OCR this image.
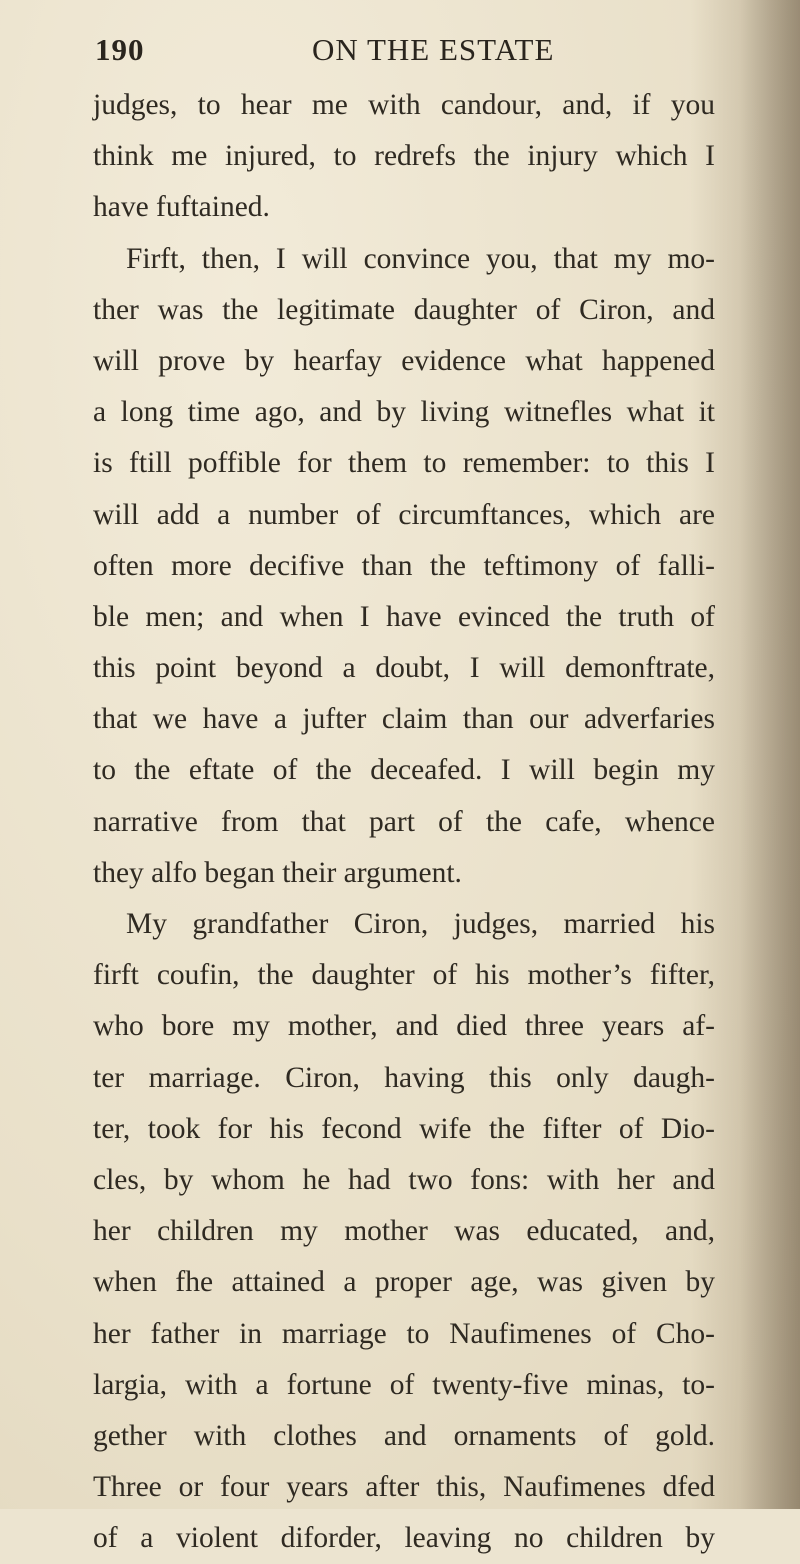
190	ON THE ESTATE
judges, to hear me with candour, and, if you
think me injured, to redrefs the injury which I
have fuftained.
Firft, then, I will convince you, that my mo-
ther was the legitimate daughter of Ciron, and
will prove by hearfay evidence what happened
a long time ago, and by living witnefles what it
is ftill poffible for them to remember: to this I
will add a number of circumftances, which are
often more decifive than the teftimony of falli-
ble men; and when I have evinced the truth of
this point beyond a doubt, I will demonftrate,
that we have a jufter claim than our adverfaries
to the eftate of the deceafed. I will begin my
narrative from that part of the cafe, whence
they alfo began their argument.
My grandfather Ciron, judges, married his
firft coufin, the daughter of his mother’s fifter,
who bore my mother, and died three years af-
ter marriage. Ciron, having this only daugh-
ter, took for his fecond wife the fifter of Dio-
cles, by whom he had two fons: with her and
her children my mother was educated, and,
when fhe attained a proper age, was given by
her father in marriage to Naufimenes of Cho-
largia, with a fortune of twenty-five minas, to-
gether with clothes and ornaments of gold.
Three or four years after this, Naufimenes dfed
of a violent diforder, leaving no children by
